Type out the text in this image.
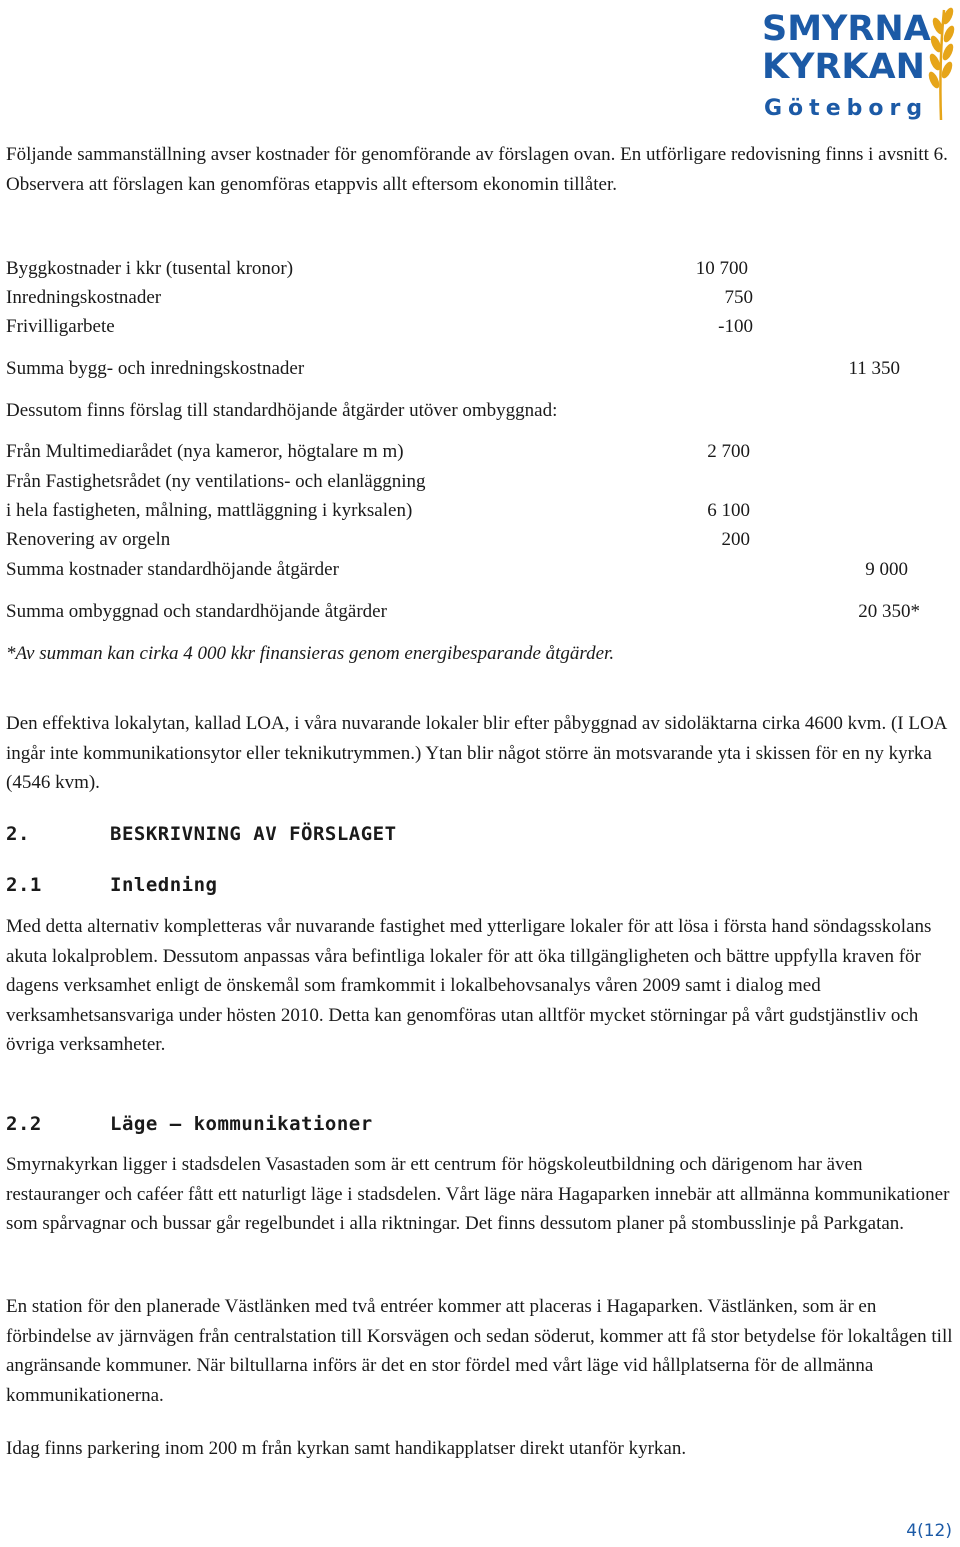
SMYRNA
KYRKAN
Göteborg
Följande sammanställning avser kostnader för genomförande av förslagen ovan. En utförligare redovisning finns i avsnitt 6. Observera att förslagen kan genomföras etappvis allt eftersom ekonomin tillåter.
Byggkostnader i kkr (tusental kronor)	10 700
Inredningskostnader	750
Frivilligarbete	-100
Summa bygg- och inredningskostnader	11 350
Dessutom finns förslag till standardhöjande åtgärder utöver ombyggnad:
Från Multimediarådet (nya kameror, högtalare m m)	2 700
Från Fastighetsrådet (ny ventilations- och elanläggning
i hela fastigheten, målning, mattläggning i kyrksalen)	6 100
Renovering av orgeln	200
Summa kostnader standardhöjande åtgärder	9 000
Summa ombyggnad och standardhöjande åtgärder	20 350*
*Av summan kan cirka 4 000 kkr finansieras genom energibesparande åtgärder.
Den effektiva lokalytan, kallad LOA, i våra nuvarande lokaler blir efter påbyggnad av sidoläktarna cirka 4600 kvm. (I LOA ingår inte kommunikationsytor eller teknikutrymmen.) Ytan blir något större än motsvarande yta i skissen för en ny kyrka (4546 kvm).
2.	BESKRIVNING AV FÖRSLAGET
2.1	Inledning
Med detta alternativ kompletteras vår nuvarande fastighet med ytterligare lokaler för att lösa i första hand söndagsskolans akuta lokalproblem. Dessutom anpassas våra befintliga lokaler för att öka tillgängligheten och bättre uppfylla kraven för dagens verksamhet enligt de önskemål som framkommit i lokalbehovsanalys våren 2009 samt i dialog med verksamhetsansvariga under hösten 2010. Detta kan genomföras utan alltför mycket störningar på vårt gudstjänstliv och övriga verksamheter.
2.2	Läge – kommunikationer
Smyrnakyrkan ligger i stadsdelen Vasastaden som är ett centrum för högskoleutbildning och därigenom har även restauranger och caféer fått ett naturligt läge i stadsdelen. Vårt läge nära Hagaparken innebär att allmänna kommunikationer som spårvagnar och bussar går regelbundet i alla riktningar. Det finns dessutom planer på stombusslinje på Parkgatan.
En station för den planerade Västlänken med två entréer kommer att placeras i Hagaparken. Västlänken, som är en förbindelse av järnvägen från centralstation till Korsvägen och sedan söderut, kommer att få stor betydelse för lokaltågen till angränsande kommuner. När biltullarna införs är det en stor fördel med vårt läge vid hållplatserna för de allmänna kommunikationerna.
Idag finns parkering inom 200 m från kyrkan samt handikapplatser direkt utanför kyrkan.
4(12)
